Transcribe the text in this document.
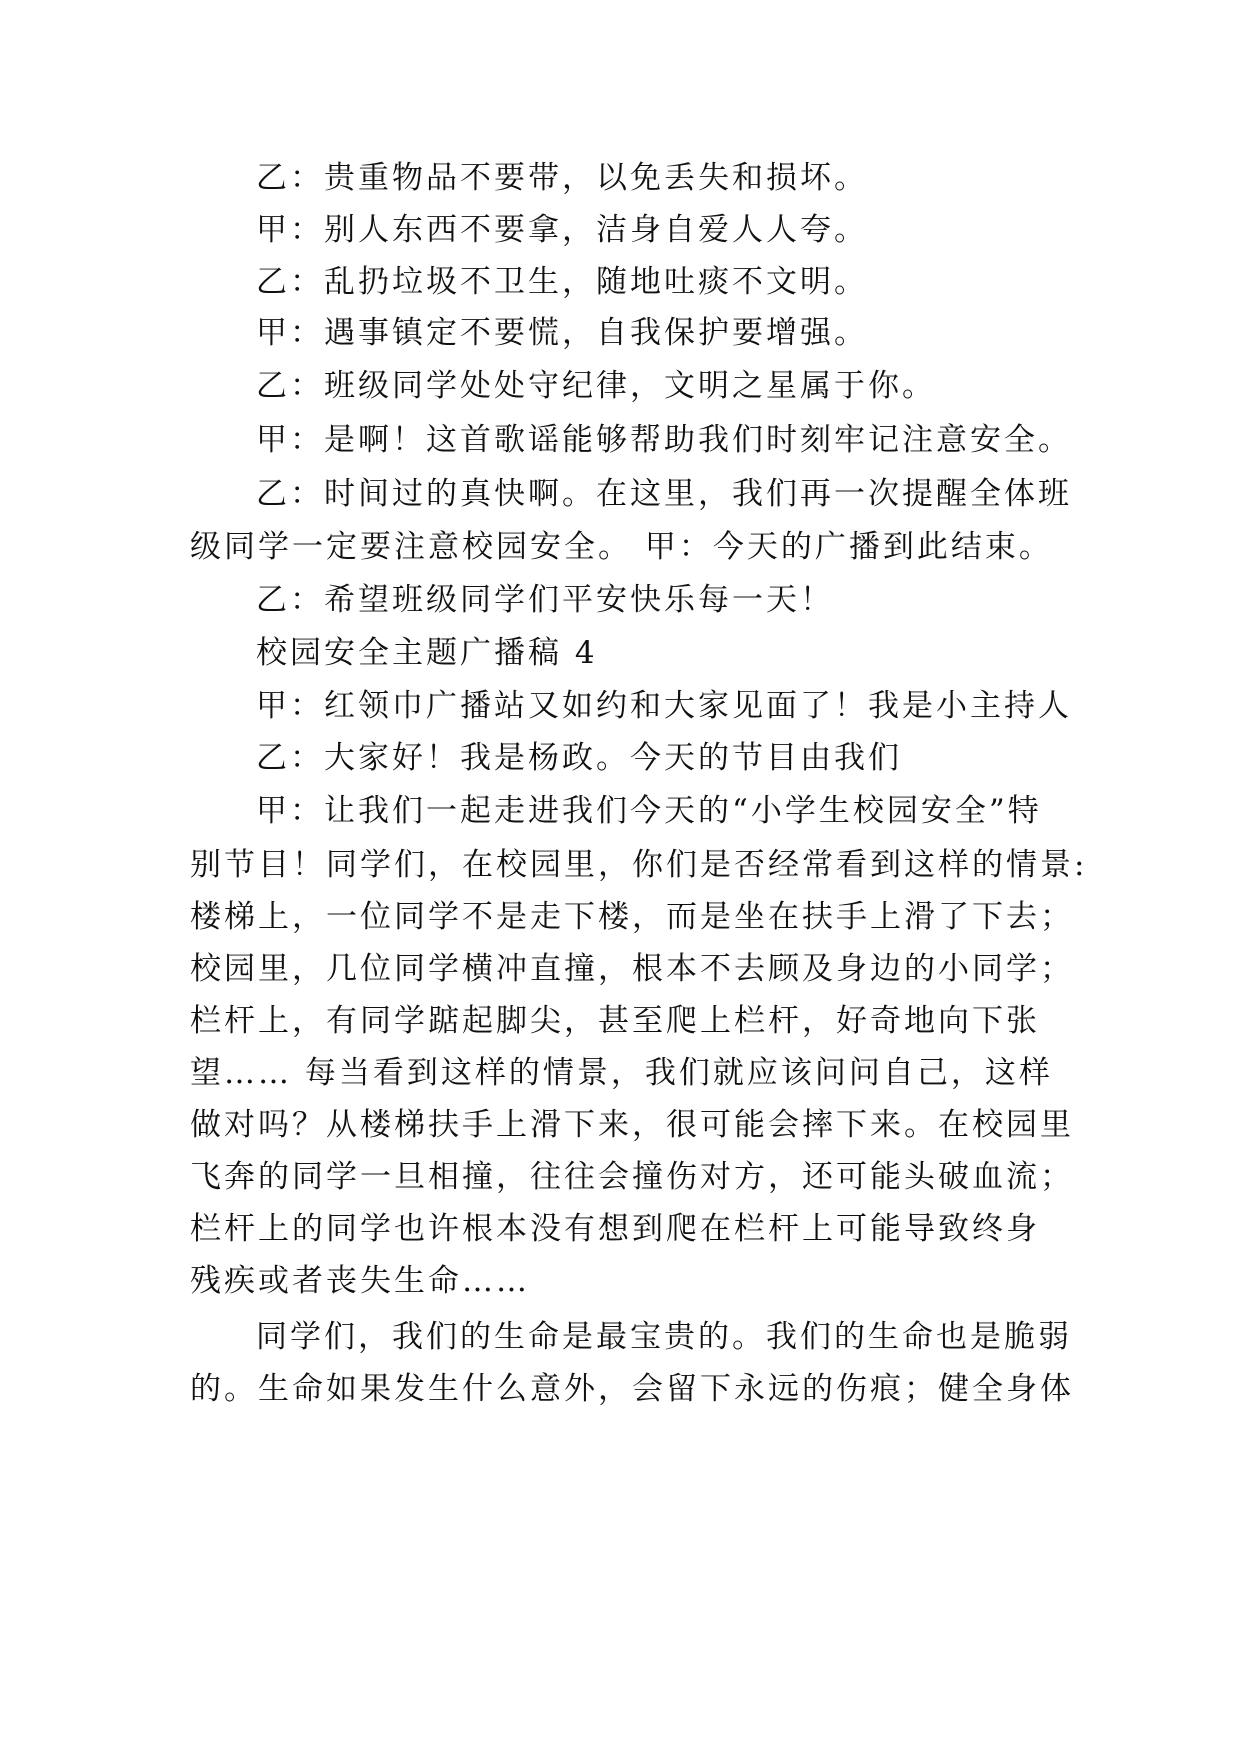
乙：贵重物品不要带，以免丢失和损坏。
甲：别人东西不要拿，洁身自爱人人夸。
乙：乱扔垃圾不卫生，随地吐痰不文明。
甲：遇事镇定不要慌，自我保护要增强。
乙：班级同学处处守纪律，文明之星属于你。
甲：是啊！这首歌谣能够帮助我们时刻牢记注意安全。
乙：时间过的真快啊。在这里，我们再一次提醒全体班
级同学一定要注意校园安全。 甲：今天的广播到此结束。
乙：希望班级同学们平安快乐每一天！
校园安全主题广播稿 4
甲：红领巾广播站又如约和大家见面了！我是小主持人
乙：大家好！我是杨政。今天的节目由我们
甲：让我们一起走进我们今天的“小学生校园安全”特
别节目！同学们，在校园里，你们是否经常看到这样的情景:
楼梯上，一位同学不是走下楼，而是坐在扶手上滑了下去；
校园里，几位同学横冲直撞，根本不去顾及身边的小同学；
栏杆上，有同学踮起脚尖，甚至爬上栏杆，好奇地向下张
望…… 每当看到这样的情景，我们就应该问问自己，这样
做对吗？从楼梯扶手上滑下来，很可能会摔下来。在校园里
飞奔的同学一旦相撞，往往会撞伤对方，还可能头破血流；
栏杆上的同学也许根本没有想到爬在栏杆上可能导致终身
残疾或者丧失生命……
同学们，我们的生命是最宝贵的。我们的生命也是脆弱
的。生命如果发生什么意外，会留下永远的伤痕；健全身体
